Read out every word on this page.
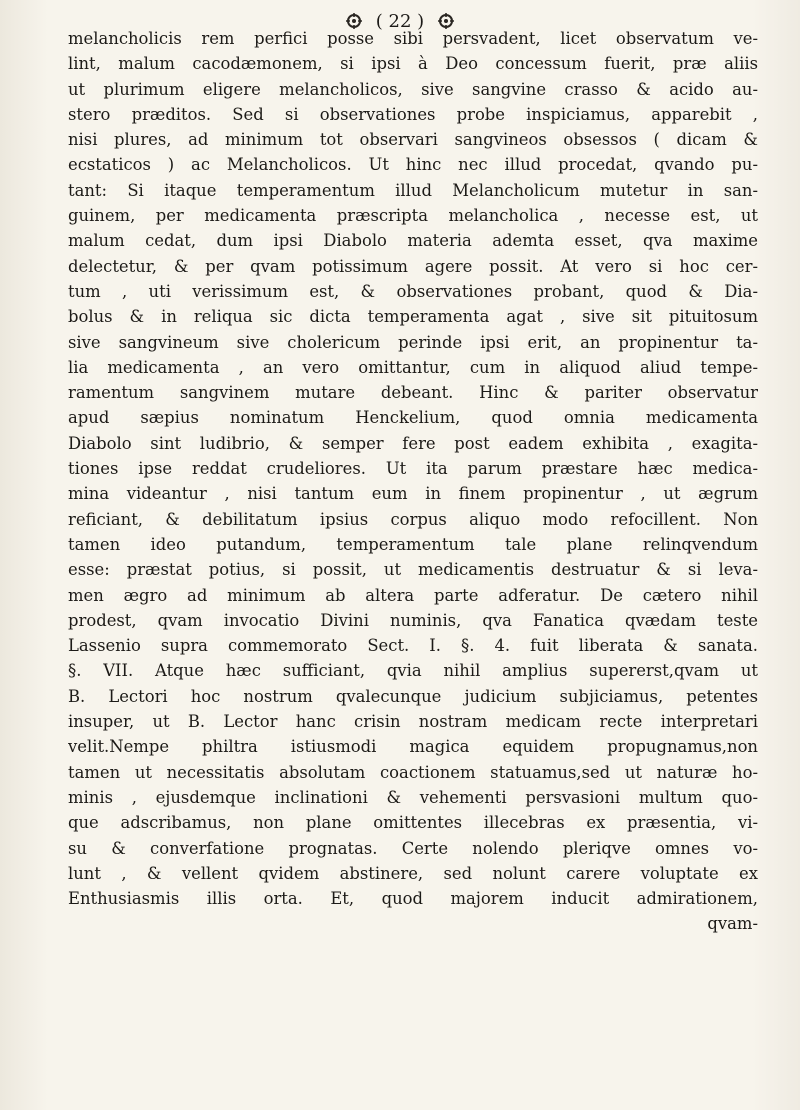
( 22 )
melancholicis rem perfici posse sibi persvadent, licet observatum ve-
lint, malum cacodæmonem, si ipsi à Deo concessum fuerit, præ aliis
ut plurimum eligere melancholicos, sive sangvine crasso & acido au-
stero præditos. Sed si observationes probe inspiciamus, apparebit ,
nisi plures, ad minimum tot observari sangvineos obsessos ( dicam &
ecstaticos ) ac Melancholicos. Ut hinc nec illud procedat, qvando pu-
tant: Si itaque temperamentum illud Melancholicum mutetur in san-
guinem, per medicamenta præscripta melancholica , necesse est, ut
malum cedat, dum ipsi Diabolo materia ademta esset, qva maxime
delectetur, & per qvam potissimum agere possit. At vero si hoc cer-
tum , uti verissimum est, & observationes probant, quod & Dia-
bolus & in reliqua sic dicta temperamenta agat , sive sit pituitosum
sive sangvineum sive cholericum perinde ipsi erit, an propinentur ta-
lia medicamenta , an vero omittantur, cum in aliquod aliud tempe-
ramentum sangvinem mutare debeant. Hinc & pariter observatur
apud sæpius nominatum Henckelium, quod omnia medicamenta
Diabolo sint ludibrio, & semper fere post eadem exhibita , exagita-
tiones ipse reddat crudeliores. Ut ita parum præstare hæc medica-
mina videantur , nisi tantum eum in finem propinentur , ut ægrum
reficiant, & debilitatum ipsius corpus aliquo modo refocillent. Non
tamen ideo putandum, temperamentum tale plane relinqvendum
esse: præstat potius, si possit, ut medicamentis destruatur & si leva-
men ægro ad minimum ab altera parte adferatur. De cætero nihil
prodest, qvam invocatio Divini numinis, qva Fanatica qvædam teste
Lassenio supra commemorato Sect. I. §. 4. fuit liberata & sanata.
§. VII. Atque hæc sufficiant, qvia nihil amplius supererst,qvam ut
B. Lectori hoc nostrum qvalecunque judicium subjiciamus, petentes
insuper, ut B. Lector hanc crisin nostram medicam recte interpretari
velit.Nempe philtra istiusmodi magica equidem propugnamus,non
tamen ut necessitatis absolutam coactionem statuamus,sed ut naturæ ho-
minis , ejusdemque inclinationi & vehementi persvasioni multum quo-
que adscribamus, non plane omittentes illecebras ex præsentia, vi-
su & converfatione prognatas. Certe nolendo pleriqve omnes vo-
lunt , & vellent qvidem abstinere, sed nolunt carere voluptate ex
Enthusiasmis illis orta. Et, quod majorem inducit admirationem,
qvam-
